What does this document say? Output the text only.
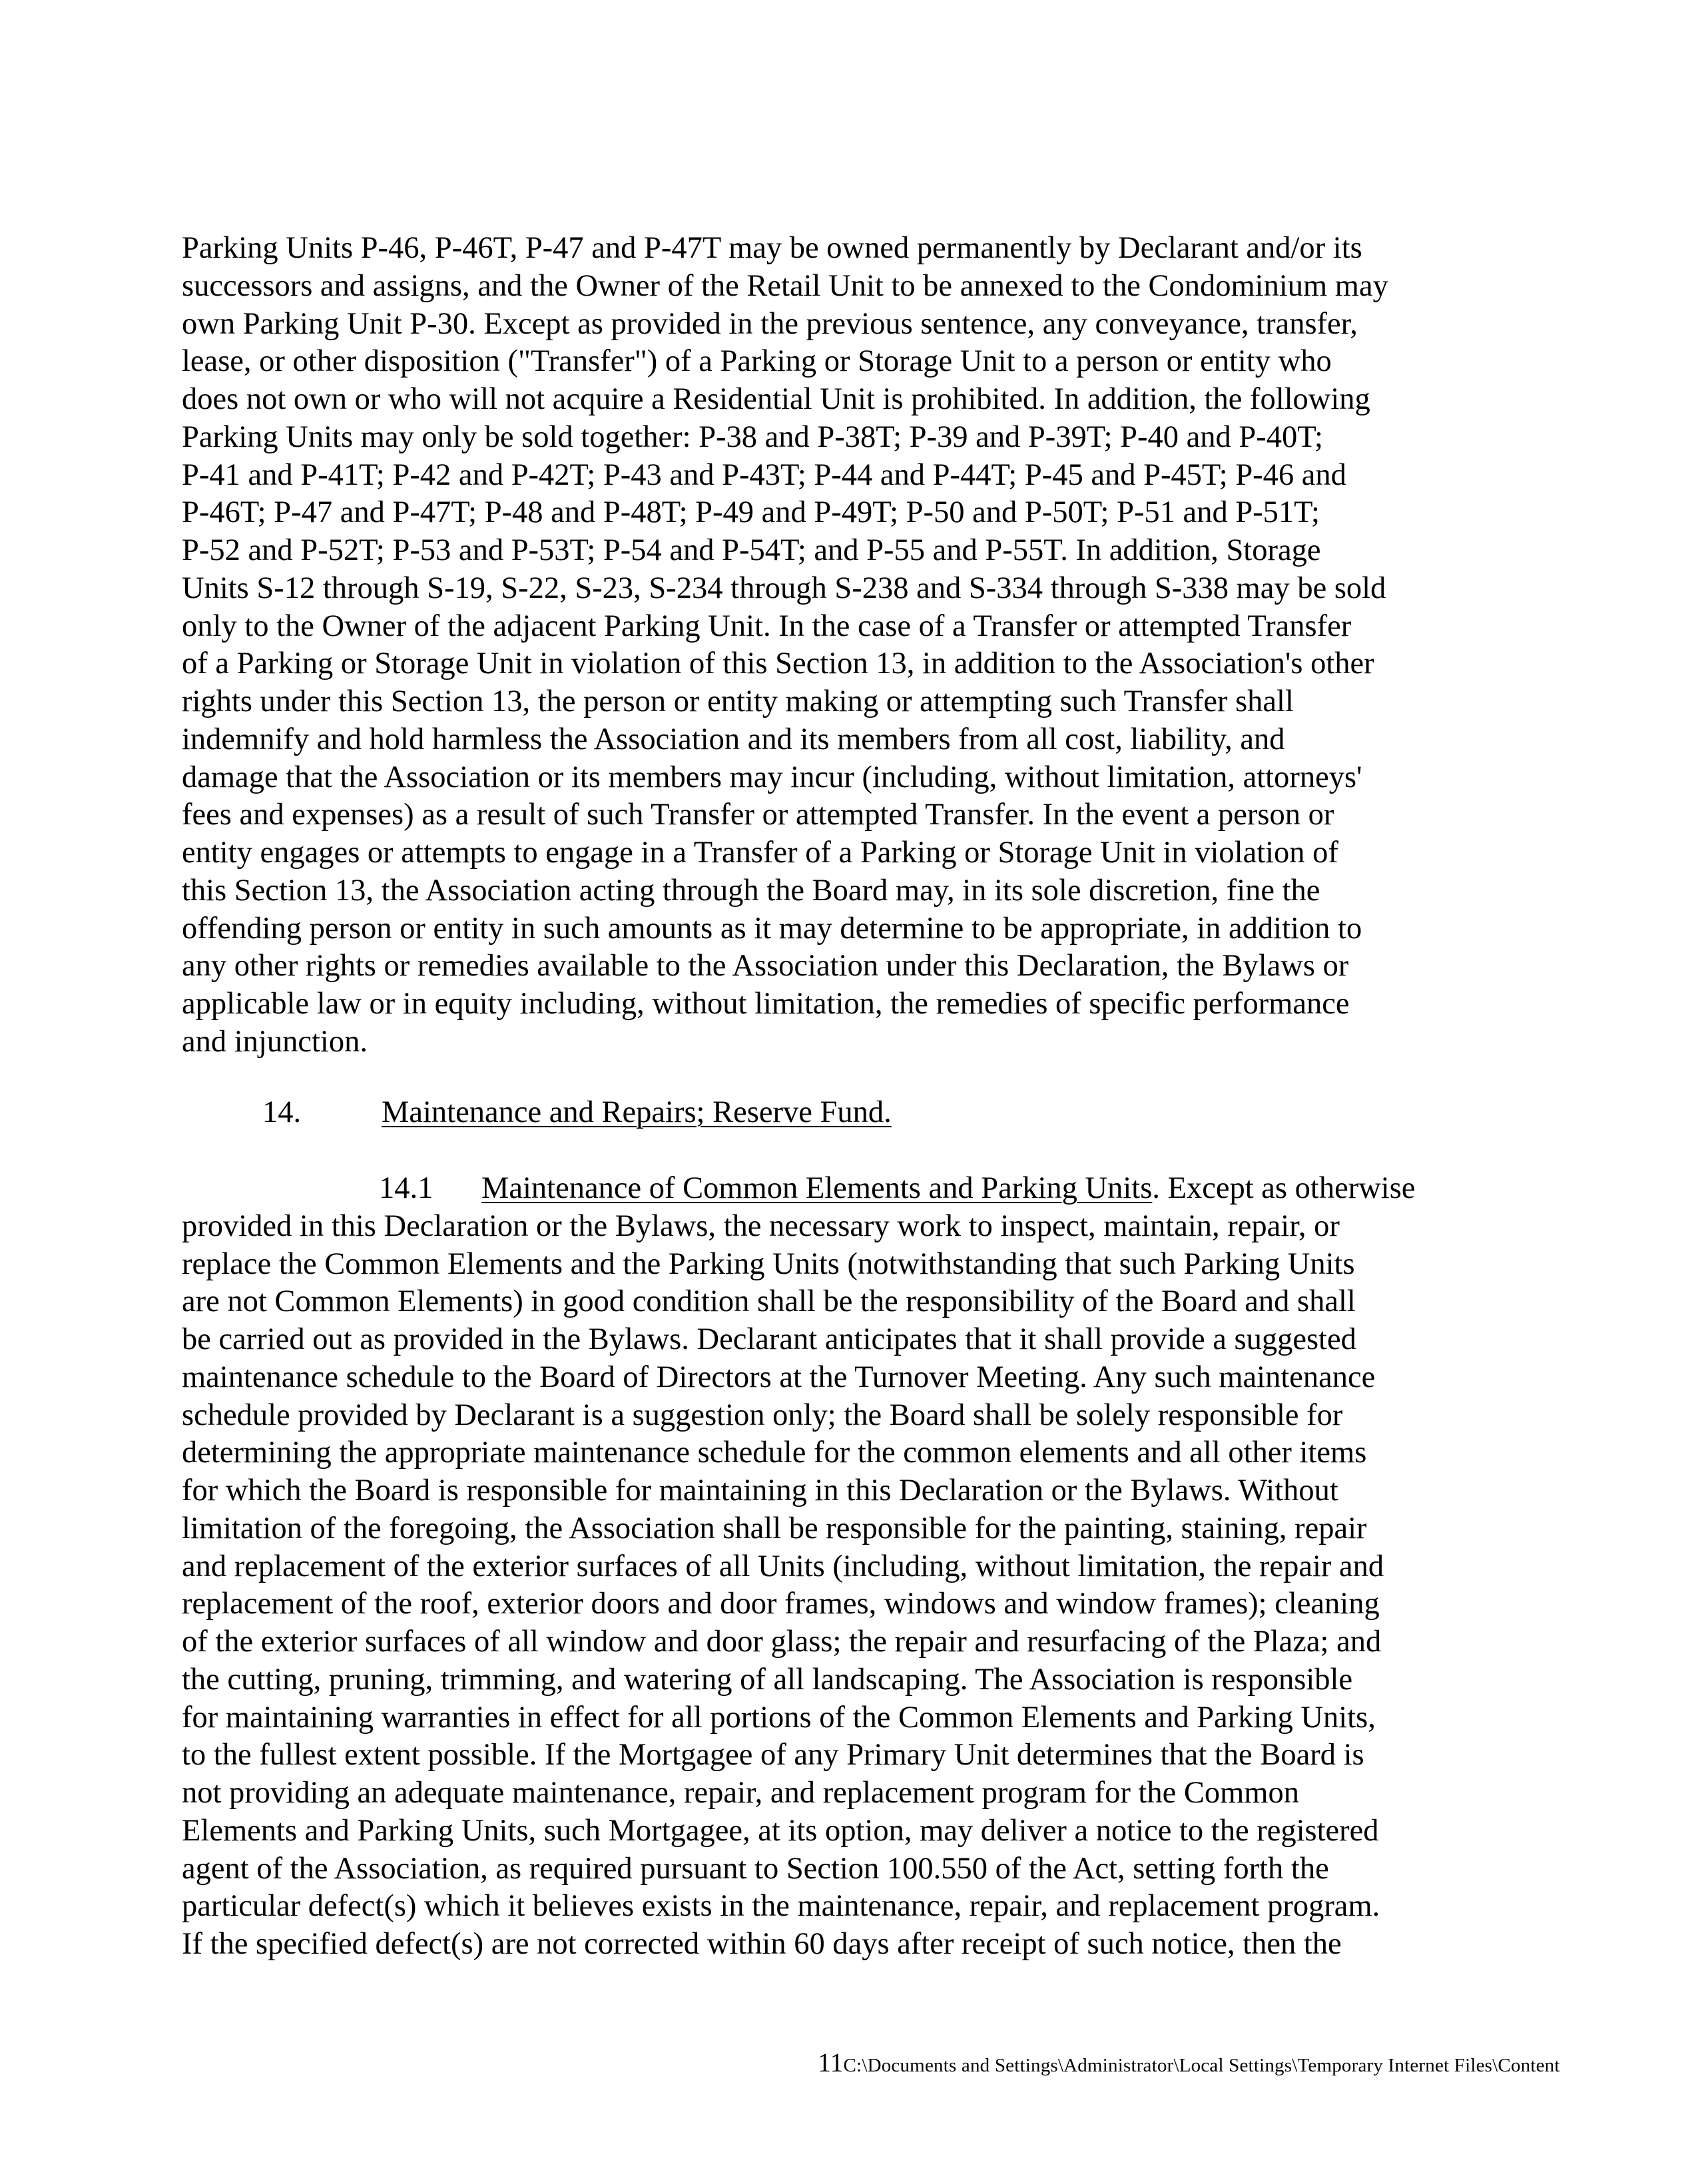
Parking Units P-46, P-46T, P-47 and P-47T may be owned permanently by Declarant and/or its
successors and assigns, and the Owner of the Retail Unit to be annexed to the Condominium may
own Parking Unit P-30. Except as provided in the previous sentence, any conveyance, transfer,
lease, or other disposition ("Transfer") of a Parking or Storage Unit to a person or entity who
does not own or who will not acquire a Residential Unit is prohibited. In addition, the following
Parking Units may only be sold together: P-38 and P-38T; P-39 and P-39T; P-40 and P-40T;
P-41 and P-41T; P-42 and P-42T; P-43 and P-43T; P-44 and P-44T; P-45 and P-45T; P-46 and
P-46T; P-47 and P-47T; P-48 and P-48T; P-49 and P-49T; P-50 and P-50T; P-51 and P-51T;
P-52 and P-52T; P-53 and P-53T; P-54 and P-54T; and P-55 and P-55T. In addition, Storage
Units S-12 through S-19, S-22, S-23, S-234 through S-238 and S-334 through S-338 may be sold
only to the Owner of the adjacent Parking Unit. In the case of a Transfer or attempted Transfer
of a Parking or Storage Unit in violation of this Section 13, in addition to the Association's other
rights under this Section 13, the person or entity making or attempting such Transfer shall
indemnify and hold harmless the Association and its members from all cost, liability, and
damage that the Association or its members may incur (including, without limitation, attorneys'
fees and expenses) as a result of such Transfer or attempted Transfer. In the event a person or
entity engages or attempts to engage in a Transfer of a Parking or Storage Unit in violation of
this Section 13, the Association acting through the Board may, in its sole discretion, fine the
offending person or entity in such amounts as it may determine to be appropriate, in addition to
any other rights or remedies available to the Association under this Declaration, the Bylaws or
applicable law or in equity including, without limitation, the remedies of specific performance
and injunction.
14.	Maintenance and Repairs; Reserve Fund.
14.1 Maintenance of Common Elements and Parking Units. Except as otherwise
provided in this Declaration or the Bylaws, the necessary work to inspect, maintain, repair, or
replace the Common Elements and the Parking Units (notwithstanding that such Parking Units
are not Common Elements) in good condition shall be the responsibility of the Board and shall
be carried out as provided in the Bylaws. Declarant anticipates that it shall provide a suggested
maintenance schedule to the Board of Directors at the Turnover Meeting. Any such maintenance
schedule provided by Declarant is a suggestion only; the Board shall be solely responsible for
determining the appropriate maintenance schedule for the common elements and all other items
for which the Board is responsible for maintaining in this Declaration or the Bylaws. Without
limitation of the foregoing, the Association shall be responsible for the painting, staining, repair
and replacement of the exterior surfaces of all Units (including, without limitation, the repair and
replacement of the roof, exterior doors and door frames, windows and window frames); cleaning
of the exterior surfaces of all window and door glass; the repair and resurfacing of the Plaza; and
the cutting, pruning, trimming, and watering of all landscaping. The Association is responsible
for maintaining warranties in effect for all portions of the Common Elements and Parking Units,
to the fullest extent possible. If the Mortgagee of any Primary Unit determines that the Board is
not providing an adequate maintenance, repair, and replacement program for the Common
Elements and Parking Units, such Mortgagee, at its option, may deliver a notice to the registered
agent of the Association, as required pursuant to Section 100.550 of the Act, setting forth the
particular defect(s) which it believes exists in the maintenance, repair, and replacement program.
If the specified defect(s) are not corrected within 60 days after receipt of such notice, then the
11C:\Documents and Settings\Administrator\Local Settings\Temporary Internet Files\Content
